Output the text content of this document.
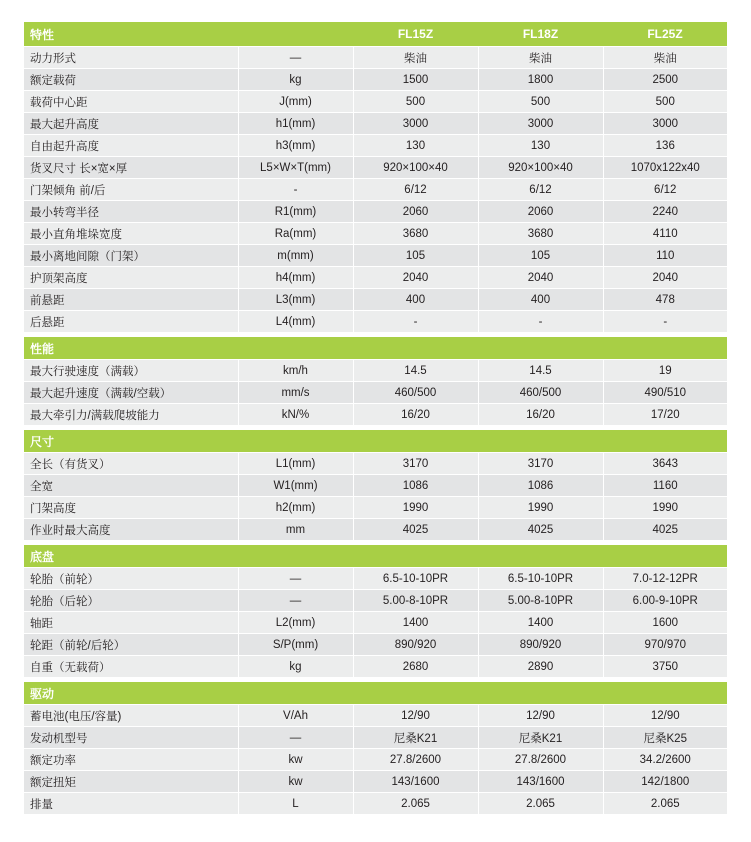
特性		FL15Z	FL18Z	FL25Z
动力形式	—	柴油	柴油	柴油
额定载荷	kg	1500	1800	2500
载荷中心距	J(mm)	500	500	500
最大起升高度	h1(mm)	3000	3000	3000
自由起升高度	h3(mm)	130	130	136
货叉尺寸 长×宽×厚	L5×W×T(mm)	920×100×40	920×100×40	1070x122x40
门架倾角 前/后	-	6/12	6/12	6/12
最小转弯半径	R1(mm)	2060	2060	2240
最小直角堆垛宽度	Ra(mm)	3680	3680	4110
最小离地间隙（门架）	m(mm)	105	105	110
护顶架高度	h4(mm)	2040	2040	2040
前悬距	L3(mm)	400	400	478
后悬距	L4(mm)	-	-	-

性能				
最大行驶速度（满载）	km/h	14.5	14.5	19
最大起升速度（满载/空载）	mm/s	460/500	460/500	490/510
最大牵引力/满载爬坡能力	kN/%	16/20	16/20	17/20

尺寸				
全长（有货叉）	L1(mm)	3170	3170	3643
全宽	W1(mm)	1086	1086	1160
门架高度	h2(mm)	1990	1990	1990
作业时最大高度	mm	4025	4025	4025

底盘				
轮胎（前轮）	—	6.5-10-10PR	6.5-10-10PR	7.0-12-12PR
轮胎（后轮）	—	5.00-8-10PR	5.00-8-10PR	6.00-9-10PR
轴距	L2(mm)	1400	1400	1600
轮距（前轮/后轮）	S/P(mm)	890/920	890/920	970/970
自重（无载荷）	kg	2680	2890	3750

驱动				
蓄电池(电压/容量)	V/Ah	12/90	12/90	12/90
发动机型号	—	尼桑K21	尼桑K21	尼桑K25
额定功率	kw	27.8/2600	27.8/2600	34.2/2600
额定扭矩	kw	143/1600	143/1600	142/1800
排量	L	2.065	2.065	2.065
